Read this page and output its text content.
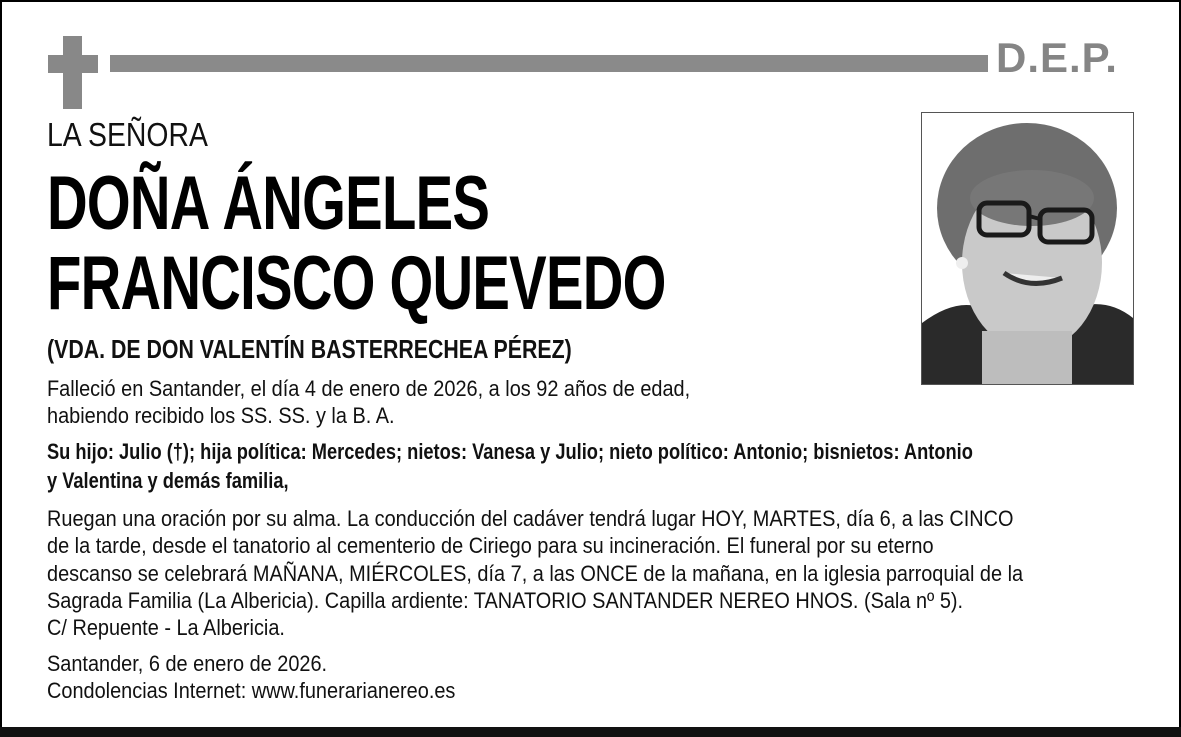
D.E.P.
LA SEÑORA
DOÑA ÁNGELES
FRANCISCO QUEVEDO
(VDA. DE DON VALENTÍN BASTERRECHEA PÉREZ)
Falleció en Santander, el día 4 de enero de 2026, a los 92 años de edad,
habiendo recibido los SS. SS. y la B. A.
Su hijo: Julio (†); hija política: Mercedes; nietos: Vanesa y Julio; nieto político: Antonio; bisnietos: Antonio
y Valentina y demás familia,
Ruegan una oración por su alma. La conducción del cadáver tendrá lugar HOY, MARTES, día 6, a las CINCO
de la tarde, desde el tanatorio al cementerio de Ciriego para su incineración. El funeral por su eterno
descanso se celebrará MAÑANA, MIÉRCOLES, día 7, a las ONCE de la mañana, en la iglesia parroquial de la
Sagrada Familia (La Albericia). Capilla ardiente: TANATORIO SANTANDER NEREO HNOS. (Sala nº 5).
C/ Repuente - La Albericia.
Santander, 6 de enero de 2026.
Condolencias Internet: www.funerarianereo.es
